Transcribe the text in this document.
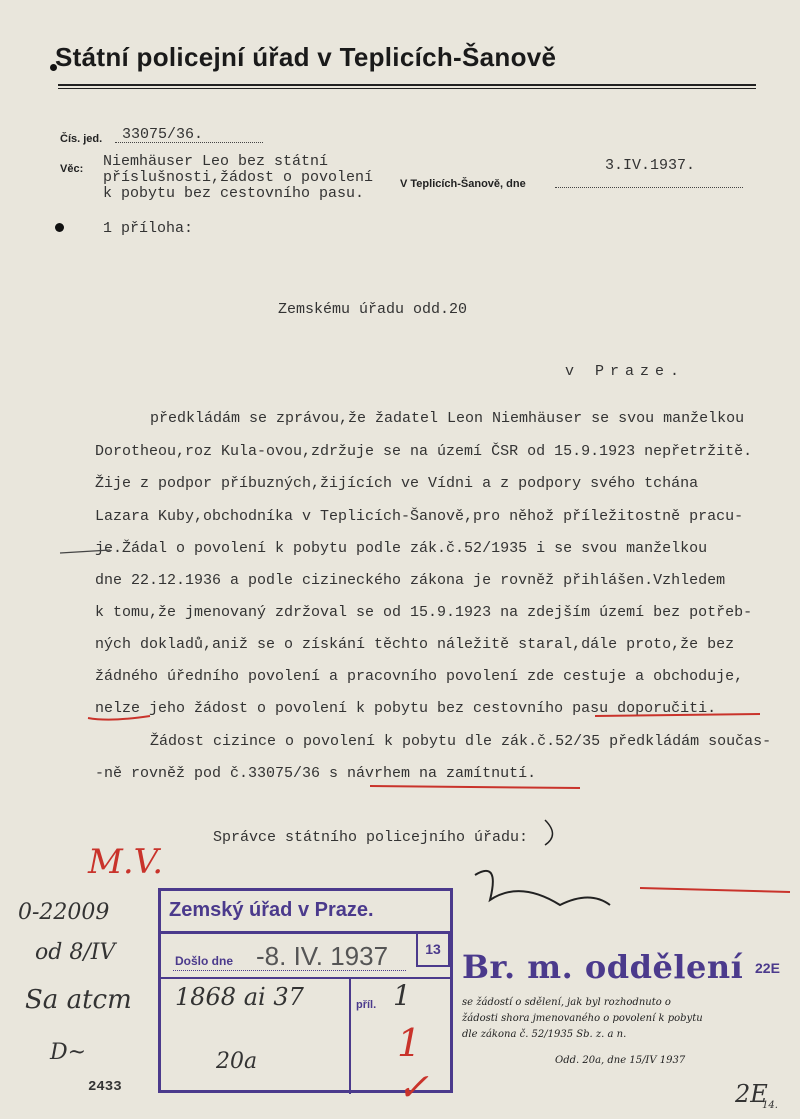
Státní policejní úřad v Teplicích-Šanově
Čís. jed. 33075/36.
Věc: Niemhäuser Leo bez státní
příslušnosti,žádost o povolení
k pobytu bez cestovního pasu.
3.IV.1937.
V Teplicích-Šanově, dne
1 příloha:
Zemskému úřadu odd.20
v Praze.
předkládám se zprávou,že žadatel Leon Niemhäuser se svou manželkou
Dorotheou,roz Kula-ovou,zdržuje se na území ČSR od 15.9.1923 nepřetržitě.
Žije z podpor příbuzných,žijících ve Vídni a z podpory svého tchána
Lazara Kuby,obchodníka v Teplicích-Šanově,pro něhož příležitostně pracu-
je.Žádal o povolení k pobytu podle zák.č.52/1935 i se svou manželkou
dne 22.12.1936 a podle cizineckého zákona je rovněž přihlášen.Vzhledem
k tomu,že jmenovaný zdržoval se od 15.9.1923 na zdejším území bez potřeb-
ných dokladů,aniž se o získání těchto náležitě staral,dále proto,že bez
žádného úředního povolení a pracovního povolení zde cestuje a obchoduje,
nelze jeho žádost o povolení k pobytu bez cestovního pasu doporučiti.
Žádost cizince o povolení k pobytu dle zák.č.52/35 předkládám součas-
-ně rovněž pod č.33075/36 s návrhem na zamítnutí.
Správce státního policejního úřadu:
M.V.
0-22009
od 8/IV
Sa atcm
D~
2433
Zemský úřad v Praze.
13
Došlo dne -8. IV. 1937
1868 ai 37	příl. 1
1 ✓
20a
Br. m. oddělení 22E
se žádostí o sdělení, jak byl rozhodnuto o
žádosti shora jmenovaného o povolení k pobytu
dle zákona č. 52/1935 Sb. z. a n.
Odd. 20a, dne 15/IV 1937
2E
14.
